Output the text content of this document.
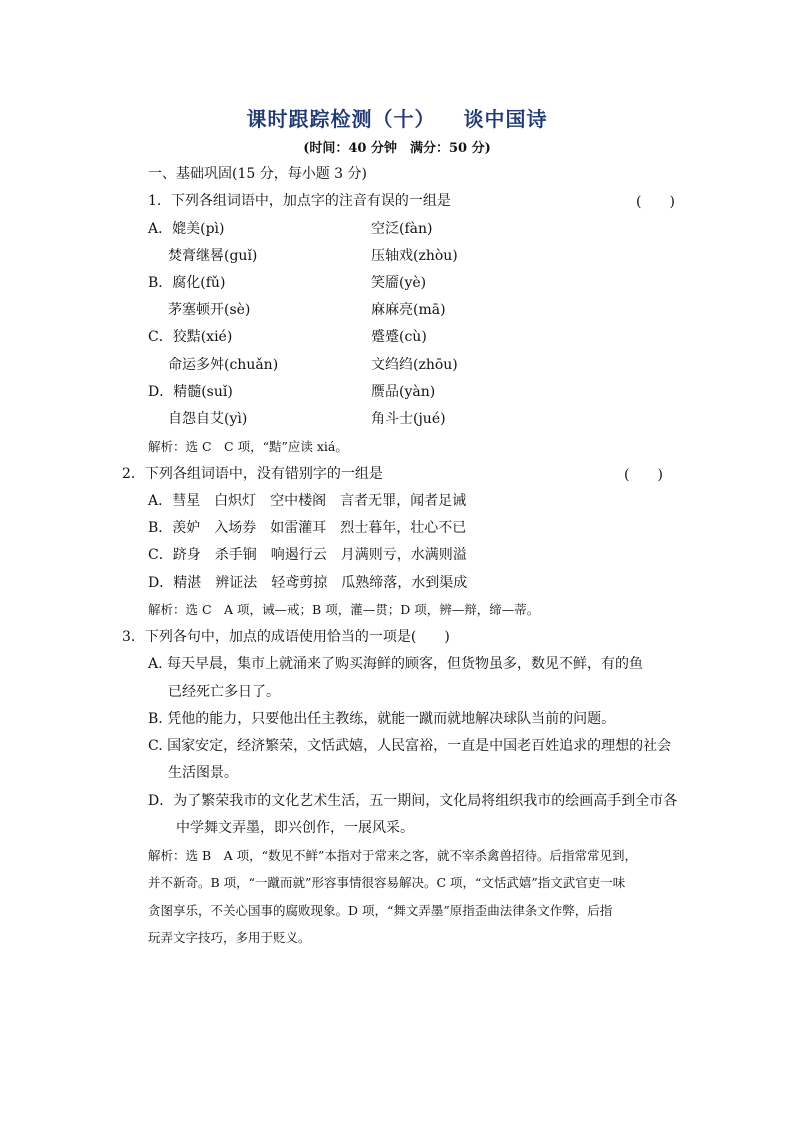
课时跟踪检测（十） 谈中国诗
(时间：40 分钟　满分：50 分)
一、基础巩固(15 分，每小题 3 分)
1．下列各组词语中，加点字的注音有误的一组是	(　　)
A．媲美(pì)	空泛(fàn)
焚膏继晷(guǐ)	压轴戏(zhòu)
B．腐化(fǔ)	笑靥(yè)
茅塞顿开(sè)	麻麻亮(mā)
C．狡黠(xié)	蹙蹙(cù)
命运多舛(chuǎn)	文绉绉(zhōu)
D．精髓(suǐ)	赝品(yàn)
自怨自艾(yì)	角斗士(jué)
解析：选 C　C 项，“黠”应读 xiá。
2．下列各组词语中，没有错别字的一组是	(　　)
A．彗星　白炽灯　空中楼阁　言者无罪，闻者足诫
B．羡妒　入场券　如雷灌耳　烈士暮年，壮心不已
C．跻身　杀手锏　响遏行云　月满则亏，水满则溢
D．精湛　辨证法　轻鸢剪掠　瓜熟缔落，水到渠成
解析：选 C　A 项，诫—戒；B 项，灌—贯；D 项，辨—辩，缔—蒂。
3．下列各句中，加点的成语使用恰当的一项是(　　)
A. 每天早晨，集市上就涌来了购买海鲜的顾客，但货物虽多，数见不鲜，有的鱼
已经死亡多日了。
B. 凭他的能力，只要他出任主教练，就能一蹴而就地解决球队当前的问题。
C. 国家安定，经济繁荣，文恬武嬉，人民富裕，一直是中国老百姓追求的理想的社会
生活图景。
D．为了繁荣我市的文化艺术生活，五一期间，文化局将组织我市的绘画高手到全市各
中学舞文弄墨，即兴创作，一展风采。
解析：选 B　A 项，“数见不鲜”本指对于常来之客，就不宰杀禽兽招待。后指常常见到，
并不新奇。B 项，“一蹴而就”形容事情很容易解决。C 项，“文恬武嬉”指文武官吏一味
贪图享乐，不关心国事的腐败现象。D 项，“舞文弄墨”原指歪曲法律条文作弊，后指
玩弄文字技巧，多用于贬义。
